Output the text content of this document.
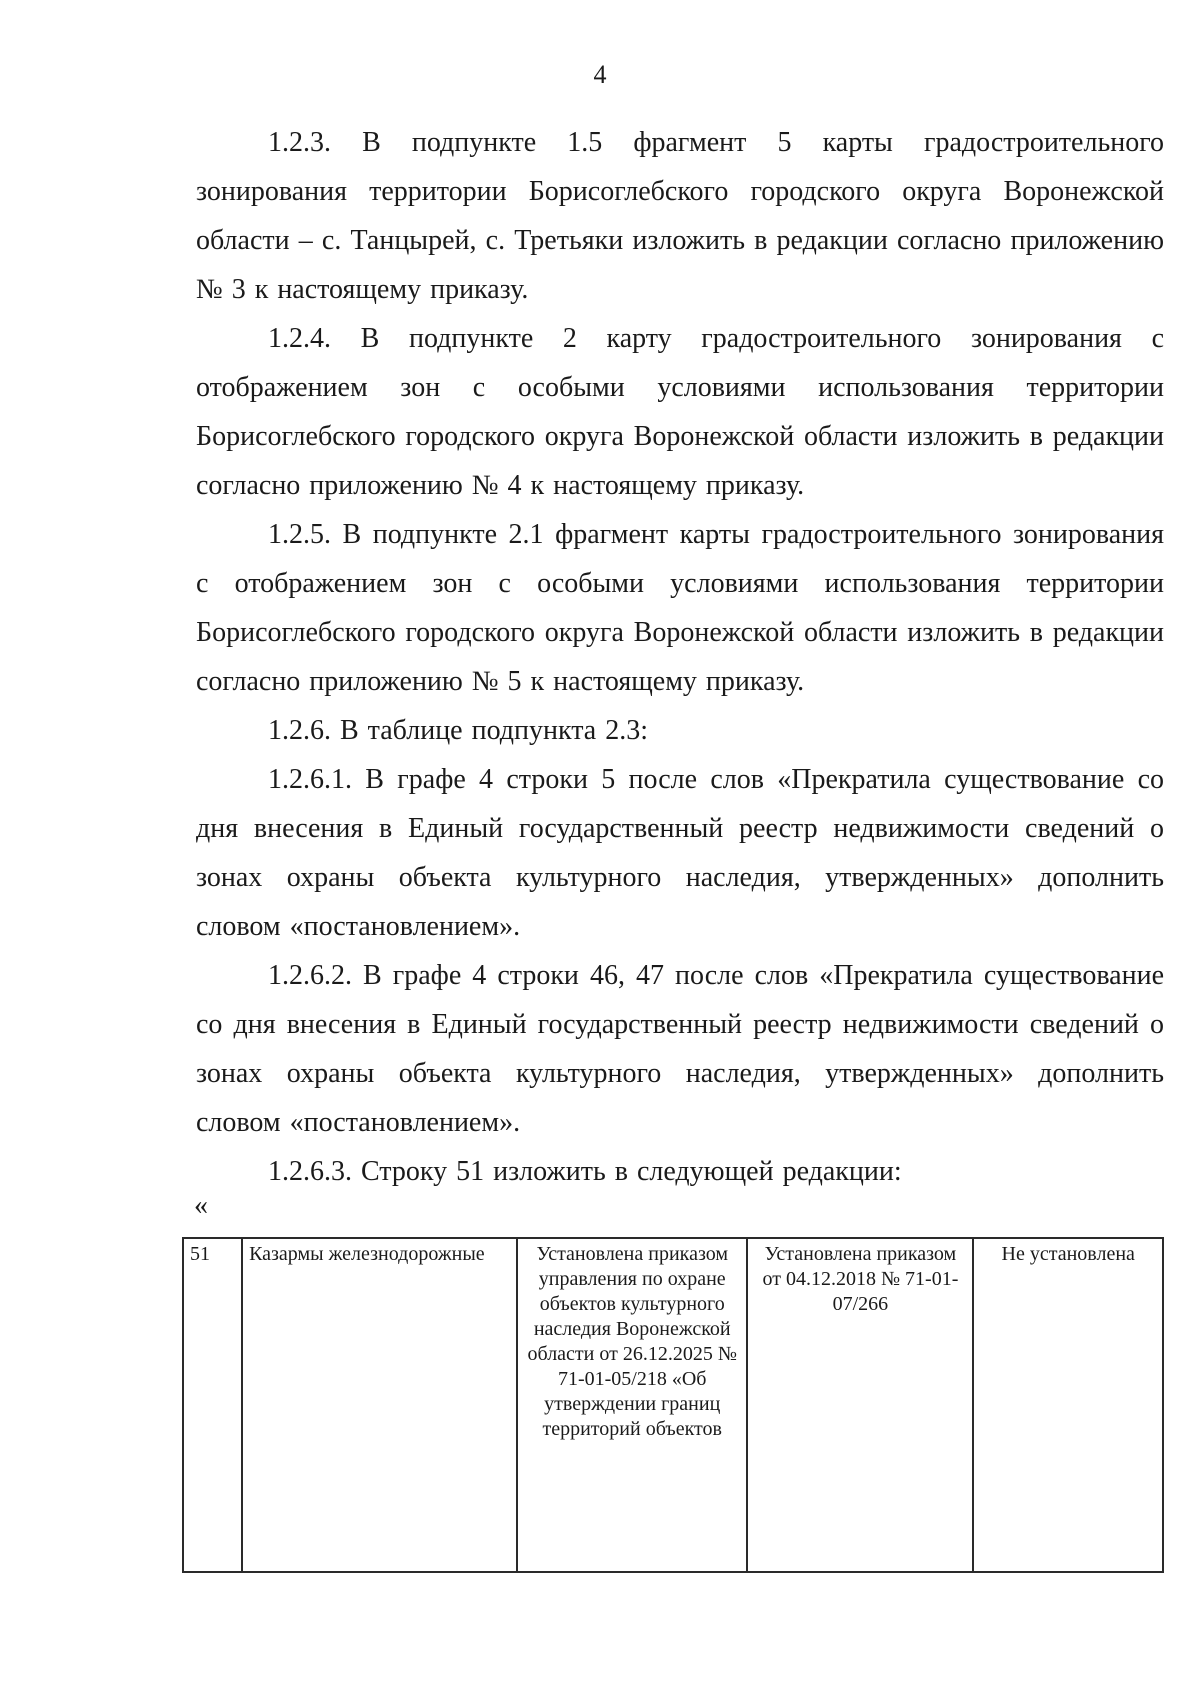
4

1.2.3. В подпункте 1.5 фрагмент 5 карты градостроительного зонирования территории Борисоглебского городского округа Воронежской области – с. Танцырей, с. Третьяки изложить в редакции согласно приложению № 3 к настоящему приказу.

1.2.4. В подпункте 2 карту градостроительного зонирования с отображением зон с особыми условиями использования территории Борисоглебского городского округа Воронежской области изложить в редакции согласно приложению № 4 к настоящему приказу.

1.2.5. В подпункте 2.1 фрагмент карты градостроительного зонирования с отображением зон с особыми условиями использования территории Борисоглебского городского округа Воронежской области изложить в редакции согласно приложению № 5 к настоящему приказу.

1.2.6. В таблице подпункта 2.3:

1.2.6.1. В графе 4 строки 5 после слов «Прекратила существование со дня внесения в Единый государственный реестр недвижимости сведений о зонах охраны объекта культурного наследия, утвержденных» дополнить словом «постановлением».

1.2.6.2. В графе 4 строки 46, 47 после слов «Прекратила существование со дня внесения в Единый государственный реестр недвижимости сведений о зонах охраны объекта культурного наследия, утвержденных» дополнить словом «постановлением».

1.2.6.3. Строку 51 изложить в следующей редакции:

«
51	Казармы железнодорожные	Установлена приказом управления по охране объектов культурного наследия Воронежской области от 26.12.2025 № 71-01-05/218 «Об утверждении границ территорий объектов	Установлена приказом от 04.12.2018 № 71-01-07/266	Не установлена
